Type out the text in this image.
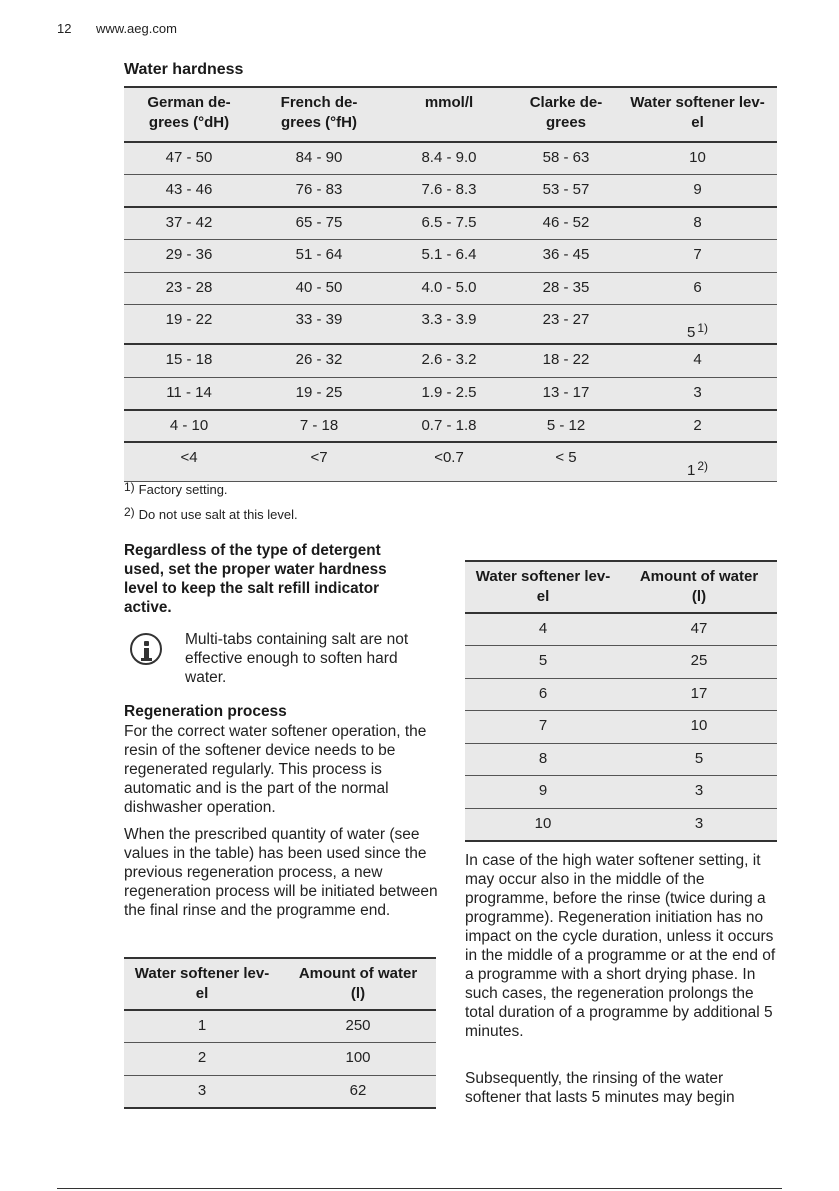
12 www.aeg.com
Water hardness
German de-
grees (°dH)	French de-
grees (°fH)	mmol/l	Clarke de-
grees	Water softener lev-
el
47 - 50	84 - 90	8.4 - 9.0	58 - 63	10
43 - 46	76 - 83	7.6 - 8.3	53 - 57	9
37 - 42	65 - 75	6.5 - 7.5	46 - 52	8
29 - 36	51 - 64	5.1 - 6.4	36 - 45	7
23 - 28	40 - 50	4.0 - 5.0	28 - 35	6
19 - 22	33 - 39	3.3 - 3.9	23 - 27	5 $^{1)}$
15 - 18	26 - 32	2.6 - 3.2	18 - 22	4
11 - 14	19 - 25	1.9 - 2.5	13 - 17	3
4 - 10	7 - 18	0.7 - 1.8	5 - 12	2
<4	<7	<0.7	< 5	1 $^{2)}$
$^{1)}$ Factory setting.
$^{2)}$ Do not use salt at this level.
Regardless of the type of detergent used, set the proper water hardness level to keep the salt refill indicator active.
Multi-tabs containing salt are not effective enough to soften hard water.
Regeneration process
For the correct water softener operation, the resin of the softener device needs to be regenerated regularly. This process is automatic and is the part of the normal dishwasher operation.
When the prescribed quantity of water (see values in the table) has been used since the previous regeneration process, a new regeneration process will be initiated between the final rinse and the programme end.
Water softener lev-
el	Amount of water
(l)
1	250
2	100
3	62
Water softener lev-
el	Amount of water
(l)
4	47
5	25
6	17
7	10
8	5
9	3
10	3
In case of the high water softener setting, it may occur also in the middle of the programme, before the rinse (twice during a programme). Regeneration initiation has no impact on the cycle duration, unless it occurs in the middle of a programme or at the end of a programme with a short drying phase. In such cases, the regeneration prolongs the total duration of a programme by additional 5 minutes.
Subsequently, the rinsing of the water softener that lasts 5 minutes may begin
